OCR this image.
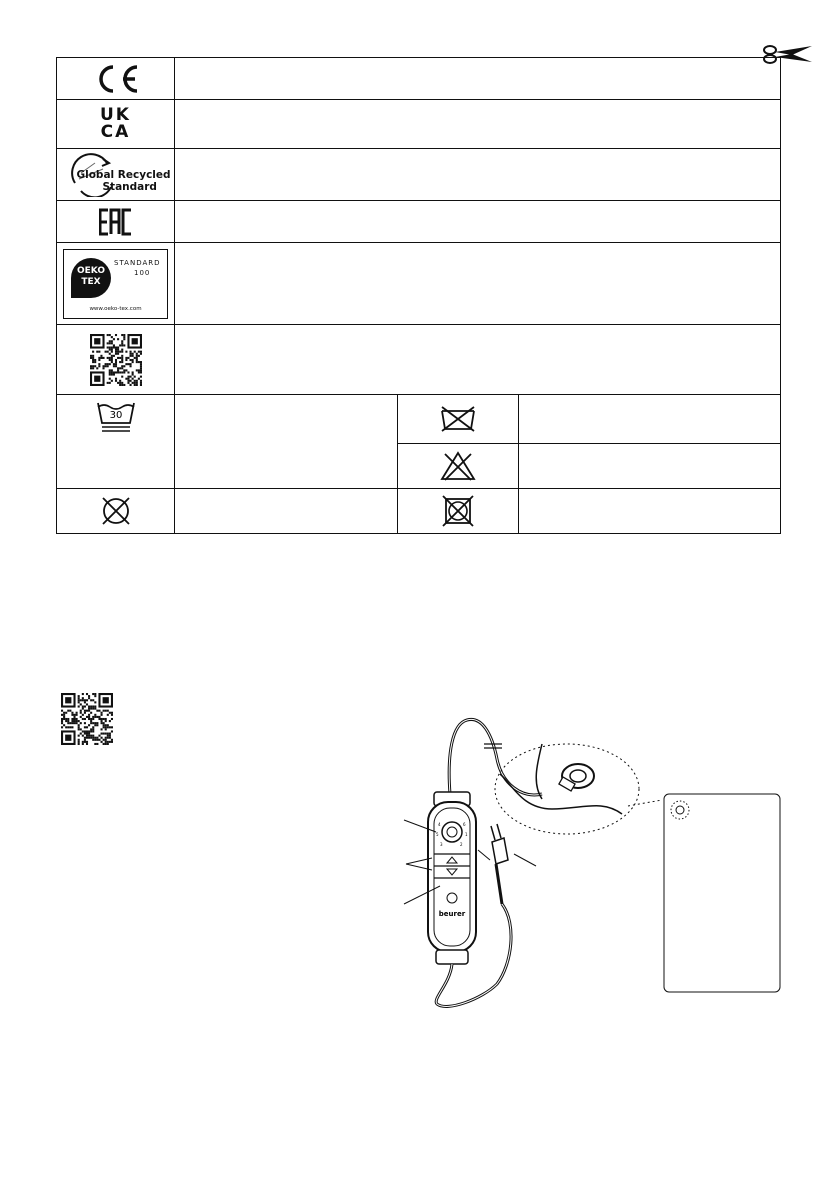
UK
CA			

Global Recycled
Standard			

OEKO
TEX
STANDARD
100
www.oeko-tex.com			

30

beurer
4	6
5	1
3	2
